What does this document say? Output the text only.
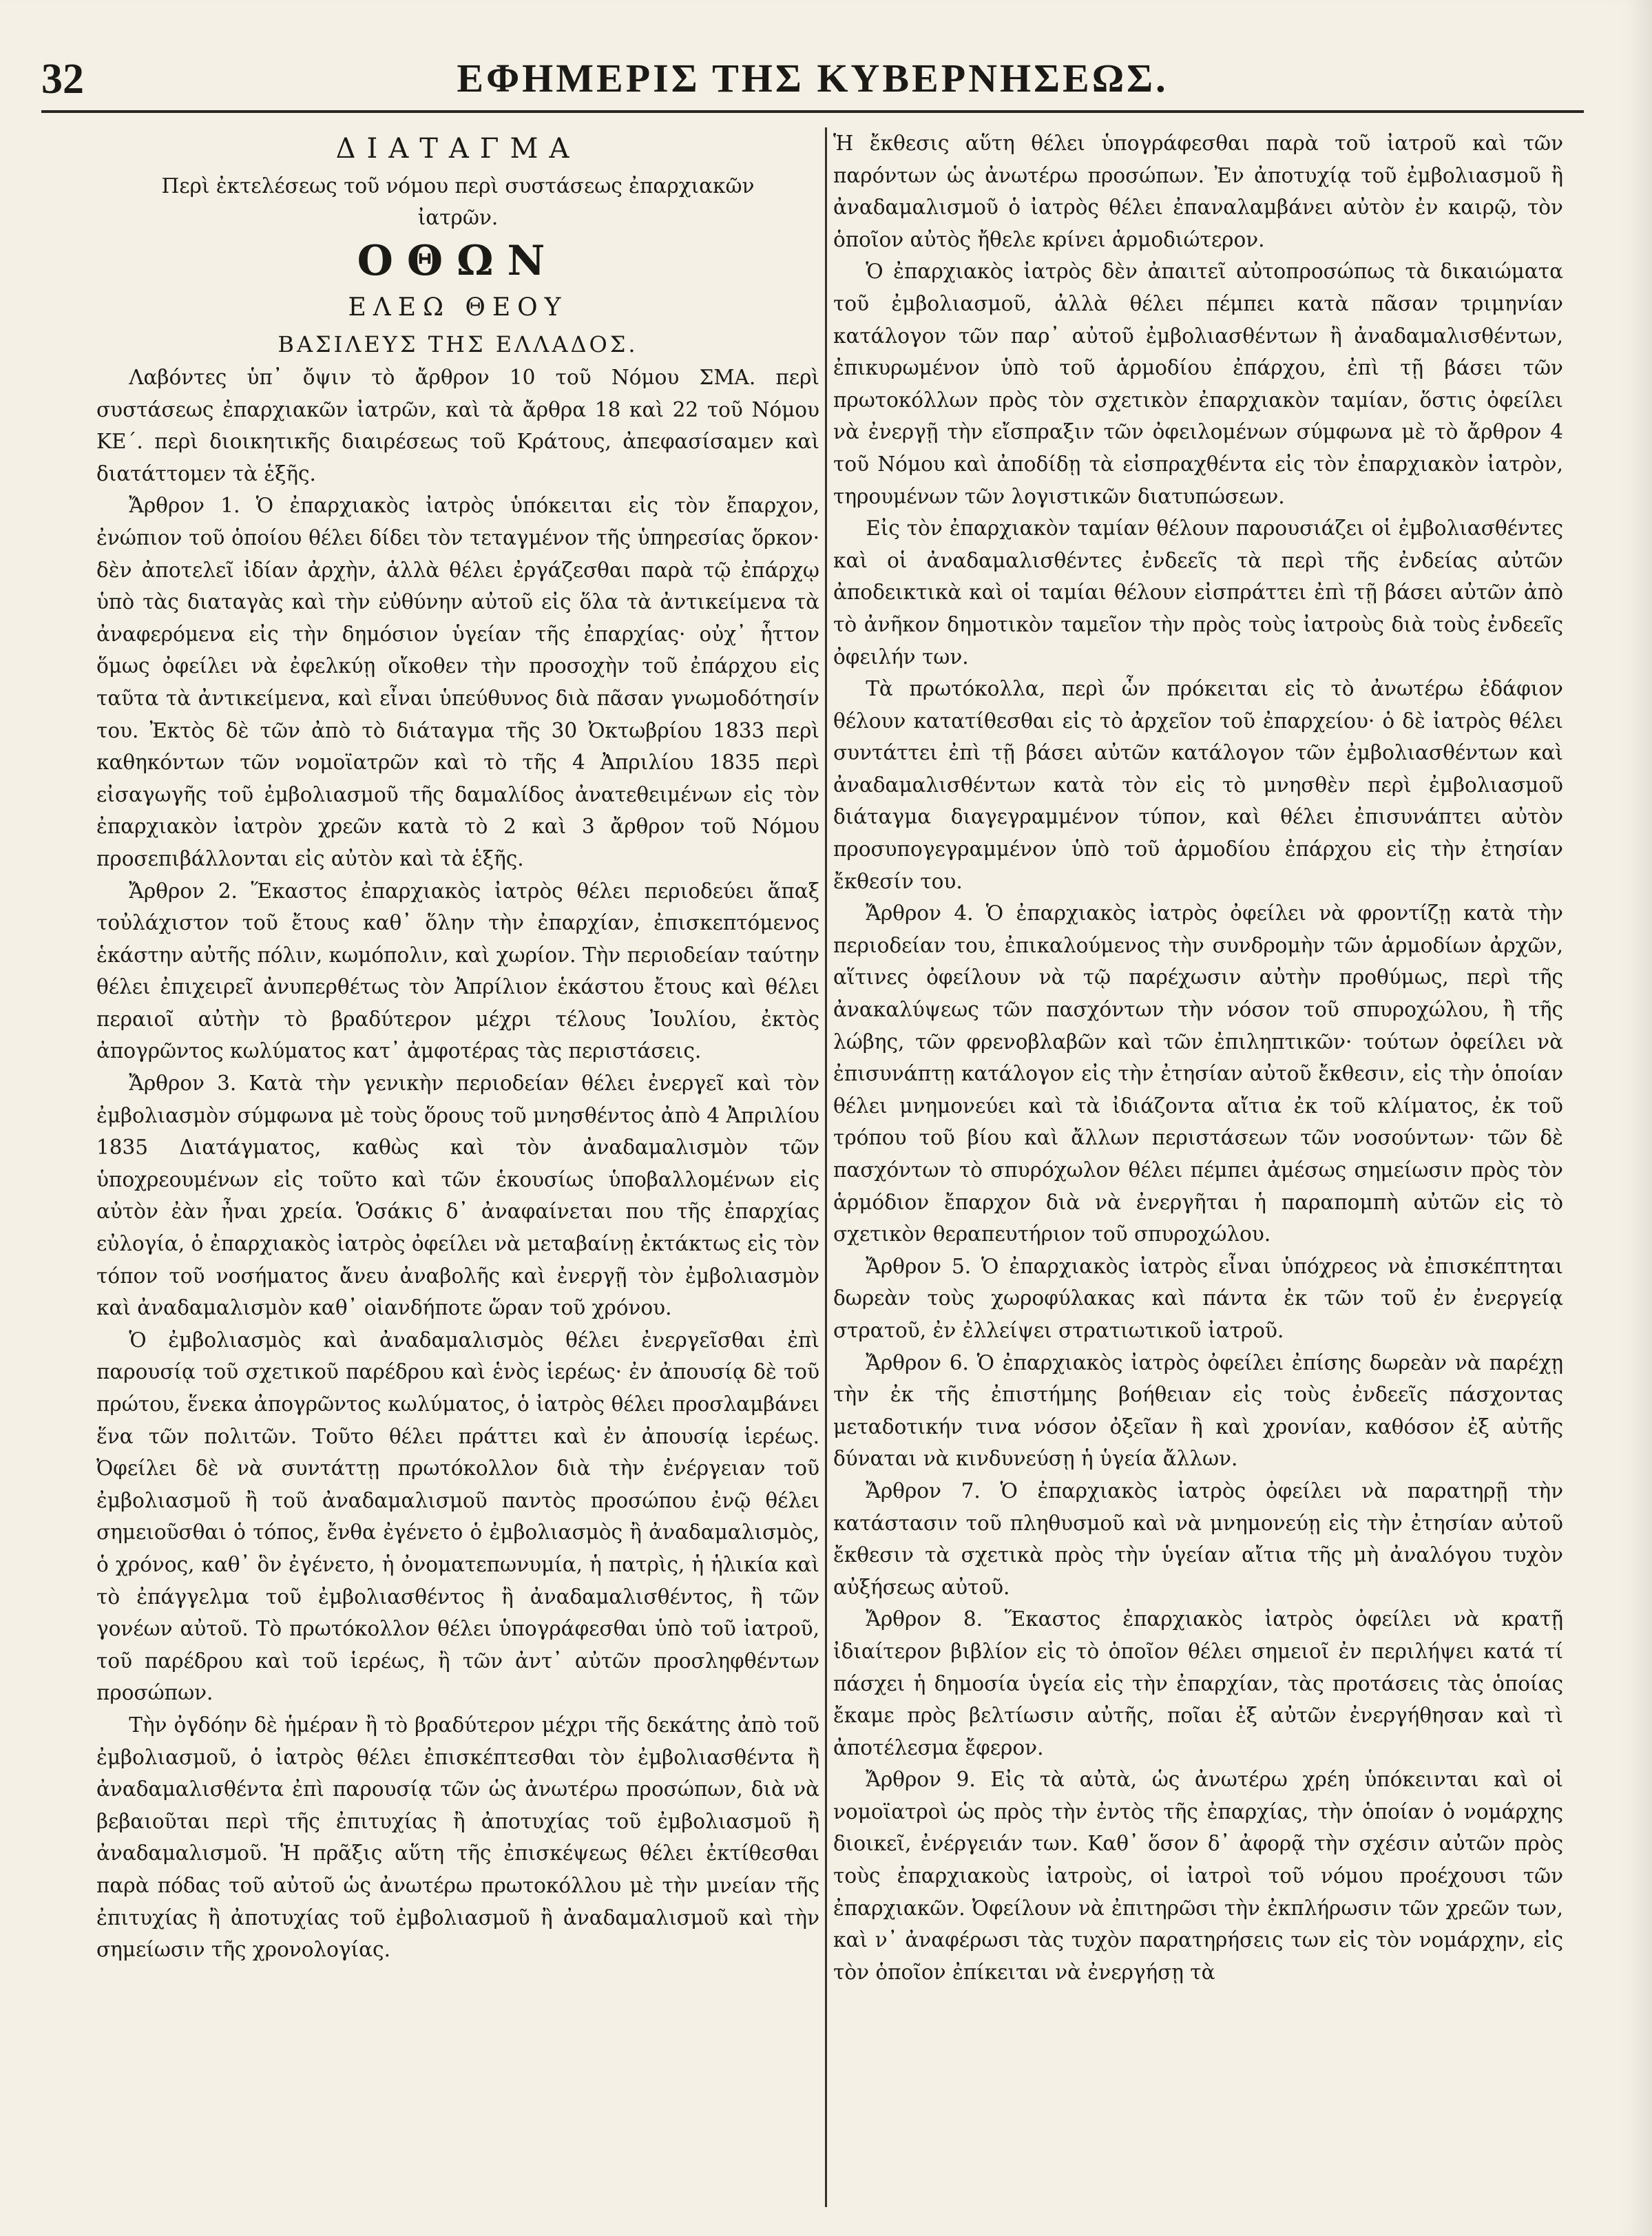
32	ΕΦΗΜΕΡΙΣ ΤΗΣ ΚΥΒΕΡΝΗΣΕΩΣ.

ΔΙΑΤΑΓΜΑ

Περὶ ἐκτελέσεως τοῦ νόμου περὶ συστάσεως ἐπαρχιακῶν ἰατρῶν.

ΟΘΩΝ

ΕΛΕΩ ΘΕΟΥ

ΒΑΣΙΛΕΥΣ ΤΗΣ ΕΛΛΑΔΟΣ.

Λαβόντες ὑπ᾽ ὄψιν τὸ ἄρθρον 10 τοῦ Νόμου ΣΜΑ. περὶ συστάσεως ἐπαρχιακῶν ἰατρῶν, καὶ τὰ ἄρθρα 18 καὶ 22 τοῦ Νόμου ΚΕ΄. περὶ διοικητικῆς διαιρέσεως τοῦ Κράτους, ἀπεφασίσαμεν καὶ διατάττομεν τὰ ἑξῆς.

Ἄρθρον 1. Ὁ ἐπαρχιακὸς ἰατρὸς ὑπόκειται εἰς τὸν ἔπαρχον, ἐνώπιον τοῦ ὁποίου θέλει δίδει τὸν τεταγμένον τῆς ὑπηρεσίας ὅρκον· δὲν ἀποτελεῖ ἰδίαν ἀρχὴν, ἀλλὰ θέλει ἐργάζεσθαι παρὰ τῷ ἐπάρχῳ ὑπὸ τὰς διαταγὰς καὶ τὴν εὐθύνην αὐτοῦ εἰς ὅλα τὰ ἀντικείμενα τὰ ἀναφερόμενα εἰς τὴν δημόσιον ὑγείαν τῆς ἐπαρχίας· οὐχ᾽ ἧττον ὅμως ὀφείλει νὰ ἐφελκύῃ οἴκοθεν τὴν προσοχὴν τοῦ ἐπάρχου εἰς ταῦτα τὰ ἀντικείμενα, καὶ εἶναι ὑπεύθυνος διὰ πᾶσαν γνωμοδότησίν του. Ἐκτὸς δὲ τῶν ἀπὸ τὸ διάταγμα τῆς 30 Ὀκτωβρίου 1833 περὶ καθηκόντων τῶν νομοϊατρῶν καὶ τὸ τῆς 4 Ἀπριλίου 1835 περὶ εἰσαγωγῆς τοῦ ἐμβολιασμοῦ τῆς δαμαλίδος ἀνατεθειμένων εἰς τὸν ἐπαρχιακὸν ἰατρὸν χρεῶν κατὰ τὸ 2 καὶ 3 ἄρθρον τοῦ Νόμου προσεπιβάλλονται εἰς αὐτὸν καὶ τὰ ἑξῆς.

Ἄρθρον 2. Ἕκαστος ἐπαρχιακὸς ἰατρὸς θέλει περιοδεύει ἅπαξ τοὐλάχιστον τοῦ ἔτους καθ᾽ ὅλην τὴν ἐπαρχίαν, ἐπισκεπτόμενος ἑκάστην αὐτῆς πόλιν, κωμόπολιν, καὶ χωρίον. Τὴν περιοδείαν ταύτην θέλει ἐπιχειρεῖ ἀνυπερθέτως τὸν Ἀπρίλιον ἑκάστου ἔτους καὶ θέλει περαιοῖ αὐτὴν τὸ βραδύτερον μέχρι τέλους Ἰουλίου, ἐκτὸς ἀπογρῶντος κωλύματος κατ᾽ ἀμφοτέρας τὰς περιστάσεις.

Ἄρθρον 3. Κατὰ τὴν γενικὴν περιοδείαν θέλει ἐνεργεῖ καὶ τὸν ἐμβολιασμὸν σύμφωνα μὲ τοὺς ὅρους τοῦ μνησθέντος ἀπὸ 4 Ἀπριλίου 1835 Διατάγματος, καθὼς καὶ τὸν ἀναδαμαλισμὸν τῶν ὑποχρεουμένων εἰς τοῦτο καὶ τῶν ἑκουσίως ὑποβαλλομένων εἰς αὐτὸν ἐὰν ἦναι χρεία. Ὁσάκις δ᾽ ἀναφαίνεται που τῆς ἐπαρχίας εὐλογία, ὁ ἐπαρχιακὸς ἰατρὸς ὀφείλει νὰ μεταβαίνῃ ἐκτάκτως εἰς τὸν τόπον τοῦ νοσήματος ἄνευ ἀναβολῆς καὶ ἐνεργῇ τὸν ἐμβολιασμὸν καὶ ἀναδαμαλισμὸν καθ᾽ οἱανδήποτε ὥραν τοῦ χρόνου.

Ὁ ἐμβολιασμὸς καὶ ἀναδαμαλισμὸς θέλει ἐνεργεῖσθαι ἐπὶ παρουσίᾳ τοῦ σχετικοῦ παρέδρου καὶ ἑνὸς ἱερέως· ἐν ἀπουσίᾳ δὲ τοῦ πρώτου, ἕνεκα ἀπογρῶντος κωλύματος, ὁ ἰατρὸς θέλει προσλαμβάνει ἕνα τῶν πολιτῶν. Τοῦτο θέλει πράττει καὶ ἐν ἀπουσίᾳ ἱερέως. Ὀφείλει δὲ νὰ συντάττῃ πρωτόκολλον διὰ τὴν ἐνέργειαν τοῦ ἐμβολιασμοῦ ἢ τοῦ ἀναδαμαλισμοῦ παντὸς προσώπου ἐνῷ θέλει σημειοῦσθαι ὁ τόπος, ἔνθα ἐγένετο ὁ ἐμβολιασμὸς ἢ ἀναδαμαλισμὸς, ὁ χρόνος, καθ᾽ ὃν ἐγένετο, ἡ ὀνοματεπωνυμία, ἡ πατρὶς, ἡ ἡλικία καὶ τὸ ἐπάγγελμα τοῦ ἐμβολιασθέντος ἢ ἀναδαμαλισθέντος, ἢ τῶν γονέων αὐτοῦ. Τὸ πρωτόκολλον θέλει ὑπογράφεσθαι ὑπὸ τοῦ ἰατροῦ, τοῦ παρέδρου καὶ τοῦ ἱερέως, ἢ τῶν ἀντ᾽ αὐτῶν προσληφθέντων προσώπων.

Τὴν ὀγδόην δὲ ἡμέραν ἢ τὸ βραδύτερον μέχρι τῆς δεκάτης ἀπὸ τοῦ ἐμβολιασμοῦ, ὁ ἰατρὸς θέλει ἐπισκέπτεσθαι τὸν ἐμβολιασθέντα ἢ ἀναδαμαλισθέντα ἐπὶ παρουσίᾳ τῶν ὡς ἀνωτέρω προσώπων, διὰ νὰ βεβαιοῦται περὶ τῆς ἐπιτυχίας ἢ ἀποτυχίας τοῦ ἐμβολιασμοῦ ἢ ἀναδαμαλισμοῦ. Ἡ πρᾶξις αὕτη τῆς ἐπισκέψεως θέλει ἐκτίθεσθαι παρὰ πόδας τοῦ αὐτοῦ ὡς ἀνωτέρω πρωτοκόλλου μὲ τὴν μνείαν τῆς ἐπιτυχίας ἢ ἀποτυχίας τοῦ ἐμβολιασμοῦ ἢ ἀναδαμαλισμοῦ καὶ τὴν σημείωσιν τῆς χρονολογίας.

Ἡ ἔκθεσις αὕτη θέλει ὑπογράφεσθαι παρὰ τοῦ ἰατροῦ καὶ τῶν παρόντων ὡς ἀνωτέρω προσώπων. Ἐν ἀποτυχίᾳ τοῦ ἐμβολιασμοῦ ἢ ἀναδαμαλισμοῦ ὁ ἰατρὸς θέλει ἐπαναλαμβάνει αὐτὸν ἐν καιρῷ, τὸν ὁποῖον αὐτὸς ἤθελε κρίνει ἁρμοδιώτερον.

Ὁ ἐπαρχιακὸς ἰατρὸς δὲν ἀπαιτεῖ αὐτοπροσώπως τὰ δικαιώματα τοῦ ἐμβολιασμοῦ, ἀλλὰ θέλει πέμπει κατὰ πᾶσαν τριμηνίαν κατάλογον τῶν παρ᾽ αὐτοῦ ἐμβολιασθέντων ἢ ἀναδαμαλισθέντων, ἐπικυρωμένον ὑπὸ τοῦ ἁρμοδίου ἐπάρχου, ἐπὶ τῇ βάσει τῶν πρωτοκόλλων πρὸς τὸν σχετικὸν ἐπαρχιακὸν ταμίαν, ὅστις ὀφείλει νὰ ἐνεργῇ τὴν εἴσπραξιν τῶν ὀφειλομένων σύμφωνα μὲ τὸ ἄρθρον 4 τοῦ Νόμου καὶ ἀποδίδῃ τὰ εἰσπραχθέντα εἰς τὸν ἐπαρχιακὸν ἰατρὸν, τηρουμένων τῶν λογιστικῶν διατυπώσεων.

Εἰς τὸν ἐπαρχιακὸν ταμίαν θέλουν παρουσιάζει οἱ ἐμβολιασθέντες καὶ οἱ ἀναδαμαλισθέντες ἐνδεεῖς τὰ περὶ τῆς ἐνδείας αὐτῶν ἀποδεικτικὰ καὶ οἱ ταμίαι θέλουν εἰσπράττει ἐπὶ τῇ βάσει αὐτῶν ἀπὸ τὸ ἀνῆκον δημοτικὸν ταμεῖον τὴν πρὸς τοὺς ἰατροὺς διὰ τοὺς ἐνδεεῖς ὀφειλήν των.

Τὰ πρωτόκολλα, περὶ ὧν πρόκειται εἰς τὸ ἀνωτέρω ἐδάφιον θέλουν κατατίθεσθαι εἰς τὸ ἀρχεῖον τοῦ ἐπαρχείου· ὁ δὲ ἰατρὸς θέλει συντάττει ἐπὶ τῇ βάσει αὐτῶν κατάλογον τῶν ἐμβολιασθέντων καὶ ἀναδαμαλισθέντων κατὰ τὸν εἰς τὸ μνησθὲν περὶ ἐμβολιασμοῦ διάταγμα διαγεγραμμένον τύπον, καὶ θέλει ἐπισυνάπτει αὐτὸν προσυπογεγραμμένον ὑπὸ τοῦ ἁρμοδίου ἐπάρχου εἰς τὴν ἐτησίαν ἔκθεσίν του.

Ἄρθρον 4. Ὁ ἐπαρχιακὸς ἰατρὸς ὀφείλει νὰ φροντίζῃ κατὰ τὴν περιοδείαν του, ἐπικαλούμενος τὴν συνδρομὴν τῶν ἁρμοδίων ἀρχῶν, αἵτινες ὀφείλουν νὰ τῷ παρέχωσιν αὐτὴν προθύμως, περὶ τῆς ἀνακαλύψεως τῶν πασχόντων τὴν νόσον τοῦ σπυροχώλου, ἢ τῆς λώβης, τῶν φρενοβλαβῶν καὶ τῶν ἐπιληπτικῶν· τούτων ὀφείλει νὰ ἐπισυνάπτῃ κατάλογον εἰς τὴν ἐτησίαν αὐτοῦ ἔκθεσιν, εἰς τὴν ὁποίαν θέλει μνημονεύει καὶ τὰ ἰδιάζοντα αἴτια ἐκ τοῦ κλίματος, ἐκ τοῦ τρόπου τοῦ βίου καὶ ἄλλων περιστάσεων τῶν νοσούντων· τῶν δὲ πασχόντων τὸ σπυρόχωλον θέλει πέμπει ἀμέσως σημείωσιν πρὸς τὸν ἁρμόδιον ἔπαρχον διὰ νὰ ἐνεργῆται ἡ παραπομπὴ αὐτῶν εἰς τὸ σχετικὸν θεραπευτήριον τοῦ σπυροχώλου.

Ἄρθρον 5. Ὁ ἐπαρχιακὸς ἰατρὸς εἶναι ὑπόχρεος νὰ ἐπισκέπτηται δωρεὰν τοὺς χωροφύλακας καὶ πάντα ἐκ τῶν τοῦ ἐν ἐνεργείᾳ στρατοῦ, ἐν ἐλλείψει στρατιωτικοῦ ἰατροῦ.

Ἄρθρον 6. Ὁ ἐπαρχιακὸς ἰατρὸς ὀφείλει ἐπίσης δωρεὰν νὰ παρέχῃ τὴν ἐκ τῆς ἐπιστήμης βοήθειαν εἰς τοὺς ἐνδεεῖς πάσχοντας μεταδοτικήν τινα νόσον ὀξεῖαν ἢ καὶ χρονίαν, καθόσον ἐξ αὐτῆς δύναται νὰ κινδυνεύσῃ ἡ ὑγεία ἄλλων.

Ἄρθρον 7. Ὁ ἐπαρχιακὸς ἰατρὸς ὀφείλει νὰ παρατηρῇ τὴν κατάστασιν τοῦ πληθυσμοῦ καὶ νὰ μνημονεύῃ εἰς τὴν ἐτησίαν αὐτοῦ ἔκθεσιν τὰ σχετικὰ πρὸς τὴν ὑγείαν αἴτια τῆς μὴ ἀναλόγου τυχὸν αὐξήσεως αὐτοῦ.

Ἄρθρον 8. Ἕκαστος ἐπαρχιακὸς ἰατρὸς ὀφείλει νὰ κρατῇ ἰδιαίτερον βιβλίον εἰς τὸ ὁποῖον θέλει σημειοῖ ἐν περιλήψει κατά τί πάσχει ἡ δημοσία ὑγεία εἰς τὴν ἐπαρχίαν, τὰς προτάσεις τὰς ὁποίας ἔκαμε πρὸς βελτίωσιν αὐτῆς, ποῖαι ἐξ αὐτῶν ἐνεργήθησαν καὶ τὶ ἀποτέλεσμα ἔφερον.

Ἄρθρον 9. Εἰς τὰ αὐτὰ, ὡς ἀνωτέρω χρέη ὑπόκεινται καὶ οἱ νομοϊατροὶ ὡς πρὸς τὴν ἐντὸς τῆς ἐπαρχίας, τὴν ὁποίαν ὁ νομάρχης διοικεῖ, ἐνέργειάν των. Καθ᾽ ὅσον δ᾽ ἀφορᾷ τὴν σχέσιν αὐτῶν πρὸς τοὺς ἐπαρχιακοὺς ἰατροὺς, οἱ ἰατροὶ τοῦ νόμου προέχουσι τῶν ἐπαρχιακῶν. Ὀφείλουν νὰ ἐπιτηρῶσι τὴν ἐκπλήρωσιν τῶν χρεῶν των, καὶ ν᾽ ἀναφέρωσι τὰς τυχὸν παρατηρήσεις των εἰς τὸν νομάρχην, εἰς τὸν ὁποῖον ἐπίκειται νὰ ἐνεργήσῃ τὰ
